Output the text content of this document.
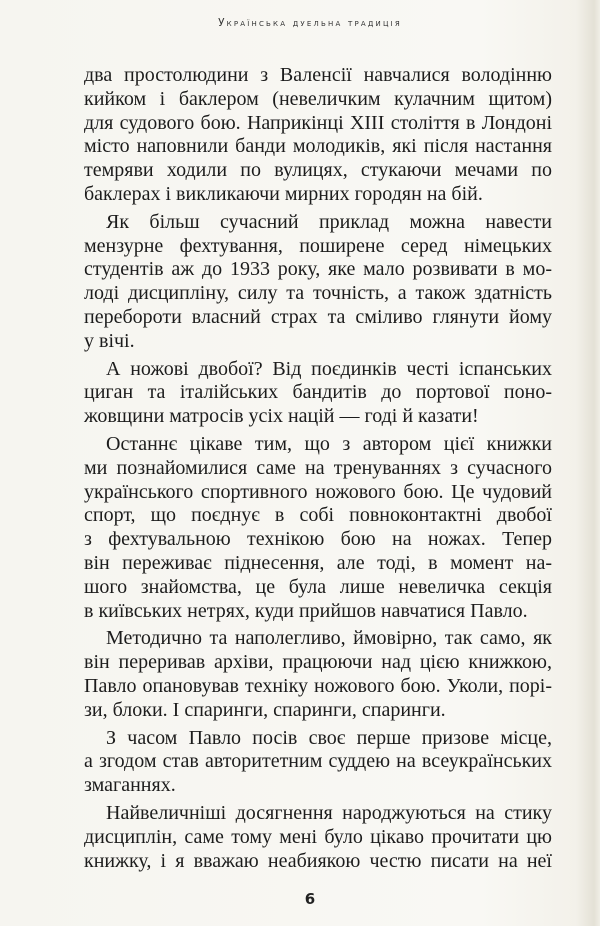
Українська дуельна традиція
два простолюдини з Валенсії навчалися володінню
кийком і баклером (невеличким кулачним щитом)
для судового бою. Наприкінці XIII століття в Лондоні
місто наповнили банди молодиків, які після настання
темряви ходили по вулицях, стукаючи мечами по
баклерах і викликаючи мирних городян на бій.
Як більш сучасний приклад можна навести
мензурне фехтування, поширене серед німецьких
студентів аж до 1933 року, яке мало розвивати в мо-
лоді дисципліну, силу та точність, а також здатність
перебороти власний страх та сміливо глянути йому
у вічі.
А ножові двобої? Від поєдинків честі іспанських
циган та італійських бандитів до портової поно-
жовщини матросів усіх націй — годі й казати!
Останнє цікаве тим, що з автором цієї книжки
ми познайомилися саме на тренуваннях з сучасного
українського спортивного ножового бою. Це чудовий
спорт, що поєднує в собі повноконтактні двобої
з фехтувальною технікою бою на ножах. Тепер
він переживає піднесення, але тоді, в момент на-
шого знайомства, це була лише невеличка секція
в київських нетрях, куди прийшов навчатися Павло.
Методично та наполегливо, ймовірно, так само, як
він переривав архіви, працюючи над цією книжкою,
Павло опановував техніку ножового бою. Уколи, порі-
зи, блоки. І спаринги, спаринги, спаринги.
З часом Павло посів своє перше призове місце,
а згодом став авторитетним суддею на всеукраїнських
змаганнях.
Найвеличніші досягнення народжуються на стику
дисциплін, саме тому мені було цікаво прочитати цю
книжку, і я вважаю неабиякою честю писати на неї
6
